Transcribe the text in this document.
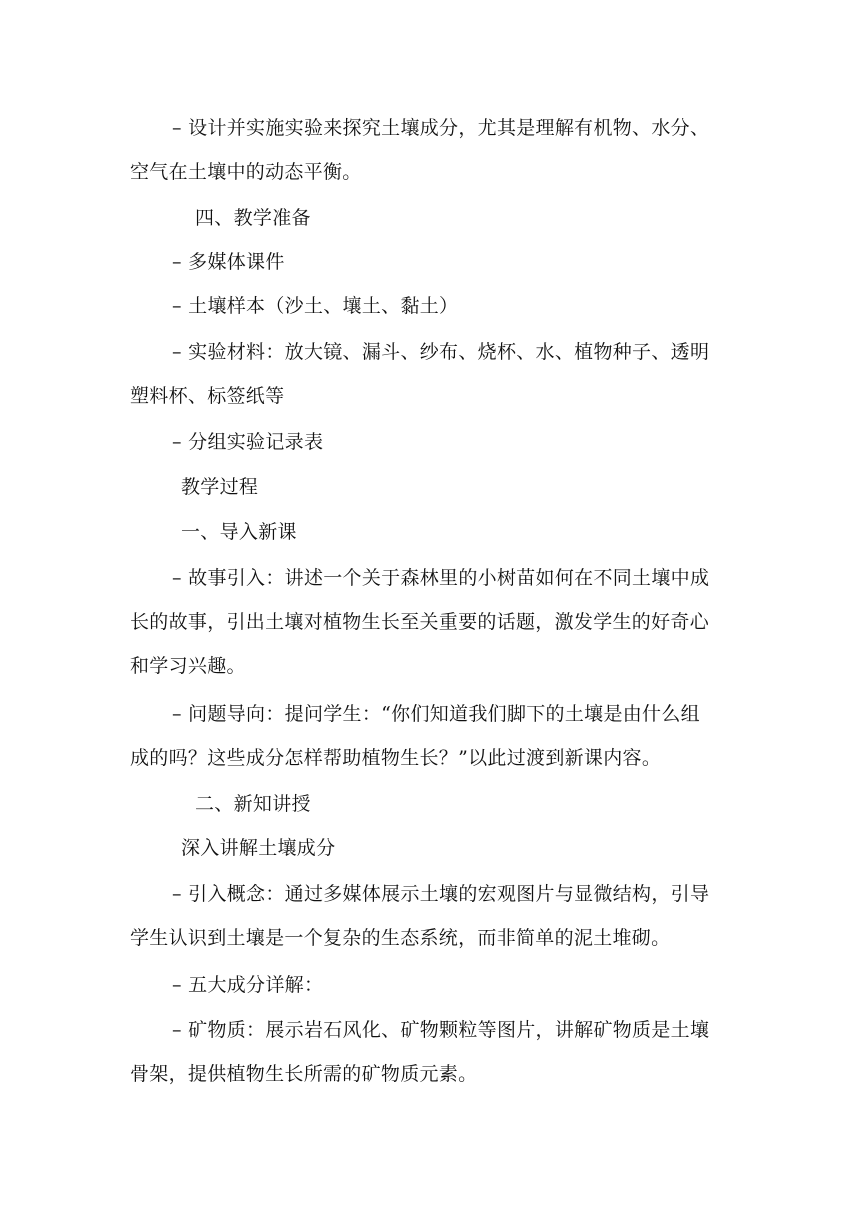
– 设计并实施实验来探究土壤成分，尤其是理解有机物、水分、
空气在土壤中的动态平衡。
四、教学准备
– 多媒体课件
– 土壤样本（沙土、壤土、黏土）
– 实验材料：放大镜、漏斗、纱布、烧杯、水、植物种子、透明
塑料杯、标签纸等
– 分组实验记录表
教学过程
一、导入新课
– 故事引入：讲述一个关于森林里的小树苗如何在不同土壤中成
长的故事，引出土壤对植物生长至关重要的话题，激发学生的好奇心
和学习兴趣。
– 问题导向：提问学生：“你们知道我们脚下的土壤是由什么组
成的吗？这些成分怎样帮助植物生长？”以此过渡到新课内容。
二、新知讲授
深入讲解土壤成分
– 引入概念：通过多媒体展示土壤的宏观图片与显微结构，引导
学生认识到土壤是一个复杂的生态系统，而非简单的泥土堆砌。
– 五大成分详解：
– 矿物质：展示岩石风化、矿物颗粒等图片，讲解矿物质是土壤
骨架，提供植物生长所需的矿物质元素。
